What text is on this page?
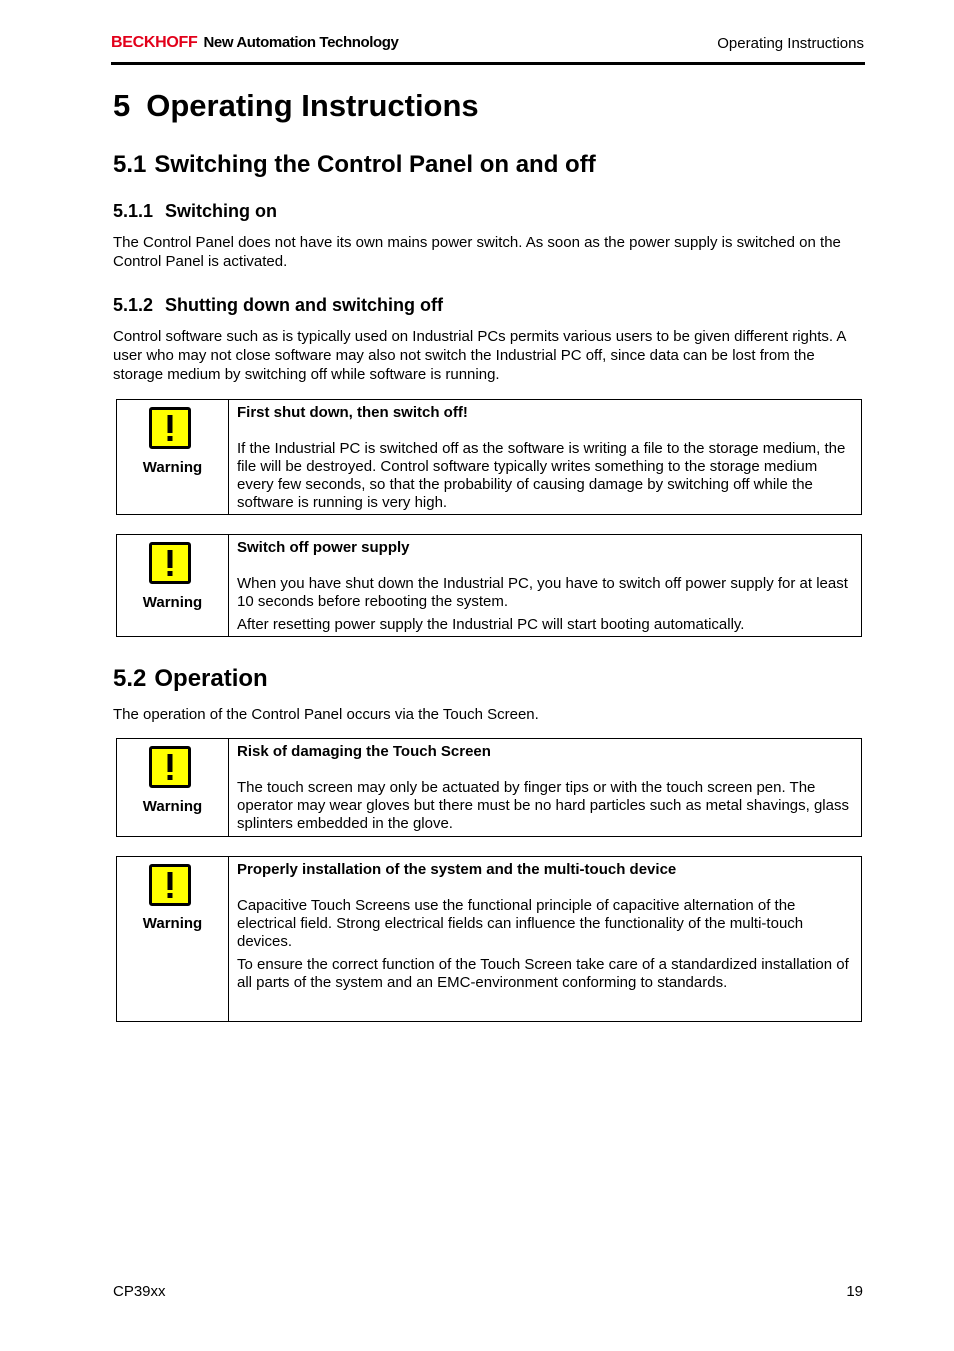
BECKHOFF New Automation Technology	Operating Instructions
5 Operating Instructions
5.1 Switching the Control Panel on and off
5.1.1 Switching on

The Control Panel does not have its own mains power switch. As soon as the power supply is switched on the Control Panel is activated.

5.1.2 Shutting down and switching off

Control software such as is typically used on Industrial PCs permits various users to be given different rights. A user who may not close software may also not switch the Industrial PC off, since data can be lost from the storage medium by switching off while software is running.

Warning

First shut down, then switch off!

If the Industrial PC is switched off as the software is writing a file to the storage medium, the file will be destroyed. Control software typically writes something to the storage medium every few seconds, so that the probability of causing damage by switching off while the software is running is very high.

Warning

Switch off power supply

When you have shut down the Industrial PC, you have to switch off power supply for at least 10 seconds before rebooting the system.

After resetting power supply the Industrial PC will start booting automatically.

5.2 Operation

The operation of the Control Panel occurs via the Touch Screen.

Warning

Risk of damaging the Touch Screen

The touch screen may only be actuated by finger tips or with the touch screen pen. The operator may wear gloves but there must be no hard particles such as metal shavings, glass splinters embedded in the glove.

Warning

Properly installation of the system and the multi-touch device

Capacitive Touch Screens use the functional principle of capacitive alternation of the electrical field. Strong electrical fields can influence the functionality of the multi-touch devices.

To ensure the correct function of the Touch Screen take care of a standardized installation of all parts of the system and an EMC-environment conforming to standards.

CP39xx	19
